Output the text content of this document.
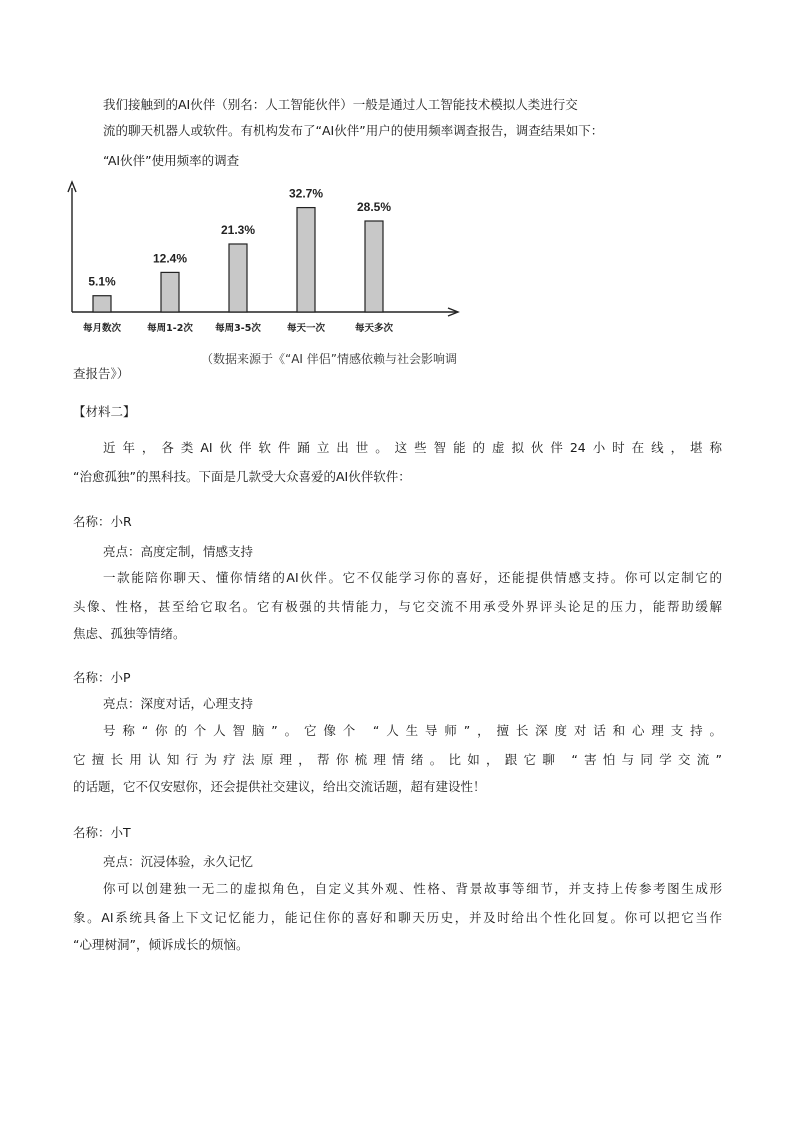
我们接触到的AI伙伴（别名：人工智能伙伴）一般是通过人工智能技术模拟人类进行交

流的聊天机器人或软件。有机构发布了“AI伙伴”用户的使用频率调查报告，调查结果如下：

“AI伙伴”使用频率的调查

5.1%
每月数次
12.4%
每周1-2次
21.3%
每周3-5次
32.7%
每天一次
28.5%
每天多次

（数据来源于《“AI 伴侣”情感依赖与社会影响调

查报告》）

【材料二】

近年，各类AI伙伴软件踊立出世。这些智能的虚拟伙伴24小时在线，堪称

“治愈孤独”的黑科技。下面是几款受大众喜爱的AI伙伴软件：

名称：小R

亮点：高度定制，情感支持

一款能陪你聊天、懂你情绪的AI伙伴。它不仅能学习你的喜好，还能提供情感支持。你可以定制它的

头像、性格，甚至给它取名。它有极强的共情能力，与它交流不用承受外界评头论足的压力，能帮助缓解

焦虑、孤独等情绪。

名称：小P

亮点：深度对话，心理支持

号称“你的个人智脑”。它像个 “人生导师”，擅长深度对话和心理支持。

它擅长用认知行为疗法原理，帮你梳理情绪。比如，跟它聊 “害怕与同学交流”

的话题，它不仅安慰你，还会提供社交建议，给出交流话题，超有建设性！

名称：小T

亮点：沉浸体验，永久记忆

你可以创建独一无二的虚拟角色，自定义其外观、性格、背景故事等细节，并支持上传参考图生成形

象。AI系统具备上下文记忆能力，能记住你的喜好和聊天历史，并及时给出个性化回复。你可以把它当作

“心理树洞”，倾诉成长的烦恼。
